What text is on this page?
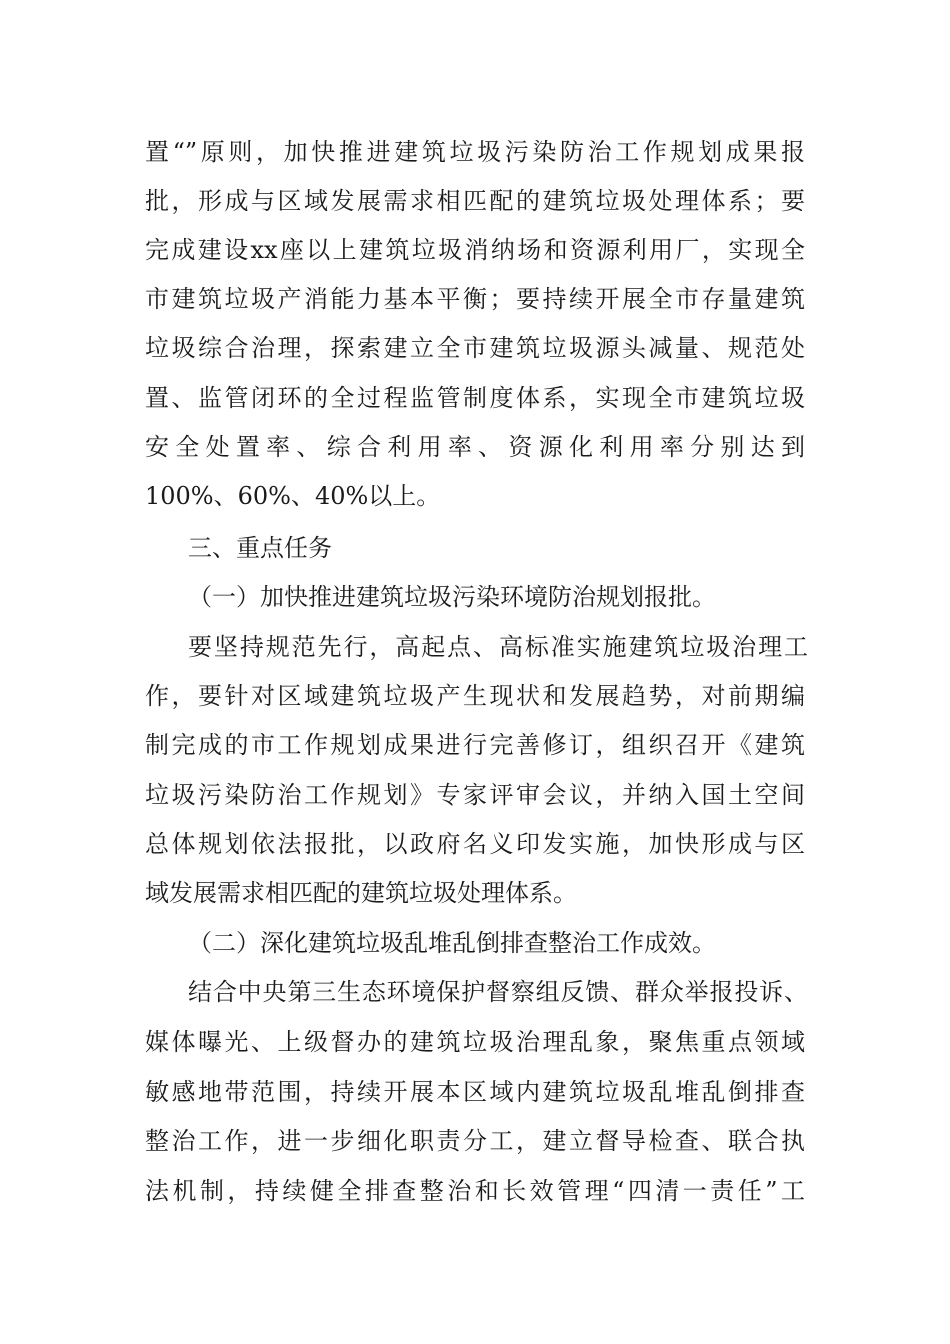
置“”原则，加快推进建筑垃圾污染防治工作规划成果报
批，形成与区域发展需求相匹配的建筑垃圾处理体系；要
完成建设xx座以上建筑垃圾消纳场和资源利用厂，实现全
市建筑垃圾产消能力基本平衡；要持续开展全市存量建筑
垃圾综合治理，探索建立全市建筑垃圾源头减量、规范处
置、监管闭环的全过程监管制度体系，实现全市建筑垃圾
安全处置率、综合利用率、资源化利用率分别达到
100%、60%、40%以上。
三、重点任务
（一）加快推进建筑垃圾污染环境防治规划报批。
要坚持规范先行，高起点、高标准实施建筑垃圾治理工
作，要针对区域建筑垃圾产生现状和发展趋势，对前期编
制完成的市工作规划成果进行完善修订，组织召开《建筑
垃圾污染防治工作规划》专家评审会议，并纳入国土空间
总体规划依法报批，以政府名义印发实施，加快形成与区
域发展需求相匹配的建筑垃圾处理体系。
（二）深化建筑垃圾乱堆乱倒排查整治工作成效。
结合中央第三生态环境保护督察组反馈、群众举报投诉、
媒体曝光、上级督办的建筑垃圾治理乱象，聚焦重点领域
敏感地带范围，持续开展本区域内建筑垃圾乱堆乱倒排查
整治工作，进一步细化职责分工，建立督导检查、联合执
法机制，持续健全排查整治和长效管理“四清一责任”工
